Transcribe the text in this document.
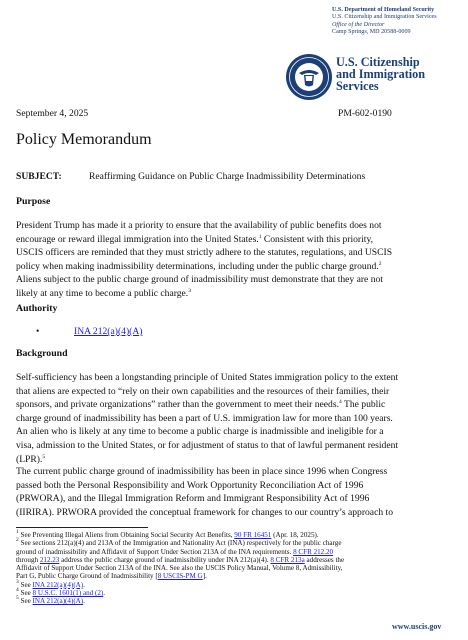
U.S. Department of Homeland Security
U.S. Citizenship and Immigration Services
Office of the Director
Camp Springs, MD 20588-0009
U.S. Citizenship
and Immigration
Services
September 4, 2025	PM-602-0190
Policy Memorandum
SUBJECT:	Reaffirming Guidance on Public Charge Inadmissibility Determinations
Purpose
President Trump has made it a priority to ensure that the availability of public benefits does not
encourage or reward illegal immigration into the United States.$^1$ Consistent with this priority,
USCIS officers are reminded that they must strictly adhere to the statutes, regulations, and USCIS
policy when making inadmissibility determinations, including under the public charge ground.$^2$
Aliens subject to the public charge ground of inadmissibility must demonstrate that they are not
likely at any time to become a public charge.$^3$
Authority
•	INA 212(a)(4)(A)
Background
Self-sufficiency has been a longstanding principle of United States immigration policy to the extent
that aliens are expected to “rely on their own capabilities and the resources of their families, their
sponsors, and private organizations” rather than the government to meet their needs.$^4$ The public
charge ground of inadmissibility has been a part of U.S. immigration law for more than 100 years.
An alien who is likely at any time to become a public charge is inadmissible and ineligible for a
visa, admission to the United States, or for adjustment of status to that of lawful permanent resident
(LPR).$^5$
The current public charge ground of inadmissibility has been in place since 1996 when Congress
passed both the Personal Responsibility and Work Opportunity Reconciliation Act of 1996
(PRWORA), and the Illegal Immigration Reform and Immigrant Responsibility Act of 1996
(IIRIRA). PRWORA provided the conceptual framework for changes to our country’s approach to
$^1$ See Preventing Illegal Aliens from Obtaining Social Security Act Benefits, 90 FR 16451 (Apr. 18, 2025).
$^2$ See sections 212(a)(4) and 213A of the Immigration and Nationality Act (INA) respectively for the public charge
ground of inadmissibility and Affidavit of Support Under Section 213A of the INA requirements. 8 CFR 212.20
through 212.23 address the public charge ground of inadmissibility under INA 212(a)(4). 8 CFR 213a addresses the
Affidavit of Support Under Section 213A of the INA. See also the USCIS Policy Manual, Volume 8, Admissibility,
Part G, Public Charge Ground of Inadmissibility [8 USCIS-PM G].
$^3$ See INA 212(a)(4)(A).
$^4$ See 8 U.S.C. 1601(1) and (2).
$^5$ See INA 212(a)(4)(A).
www.uscis.gov
